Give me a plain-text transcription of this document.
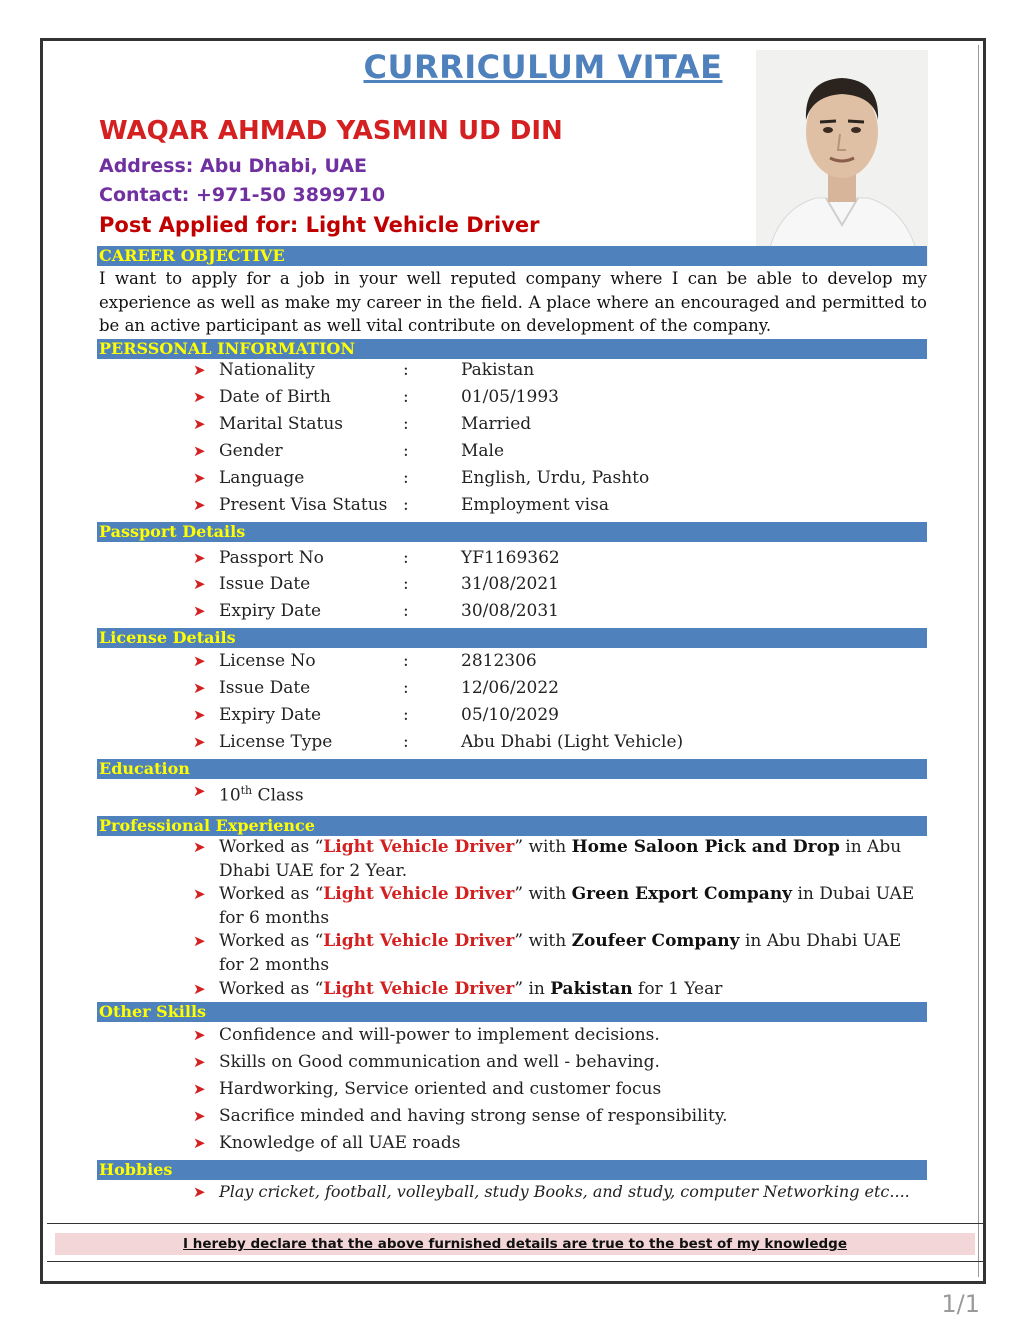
CURRICULUM VITAE
WAQAR AHMAD YASMIN UD DIN
Address: Abu Dhabi, UAE
Contact: +971-50 3899710
Post Applied for: Light Vehicle Driver
CAREER OBJECTIVE
I want to apply for a job in your well reputed company where I can be able to develop my experience as well as make my career in the field. A place where an encouraged and permitted to be an active participant as well vital contribute on development of the company.
PERSSONAL INFORMATION
➤ Nationality	:	Pakistan
➤ Date of Birth	:	01/05/1993
➤ Marital Status	:	Married
➤ Gender	:	Male
➤ Language	:	English, Urdu, Pashto
➤ Present Visa Status :	Employment visa
Passport Details
➤ Passport No	:	YF1169362
➤ Issue Date	:	31/08/2021
➤ Expiry Date	:	30/08/2031
License Details
➤ License No	:	2812306
➤ Issue Date	:	12/06/2022
➤ Expiry Date	:	05/10/2029
➤ License Type	:	Abu Dhabi (Light Vehicle)
Education
➤ 10th Class
Professional Experience
➤ Worked as “Light Vehicle Driver” with Home Saloon Pick and Drop in Abu Dhabi UAE for 2 Year.
➤ Worked as “Light Vehicle Driver” with Green Export Company in Dubai UAE for 6 months
➤ Worked as “Light Vehicle Driver” with Zoufeer Company in Abu Dhabi UAE for 2 months
➤ Worked as “Light Vehicle Driver” in Pakistan for 1 Year
Other Skills
➤ Confidence and will-power to implement decisions.
➤ Skills on Good communication and well - behaving.
➤ Hardworking, Service oriented and customer focus
➤ Sacrifice minded and having strong sense of responsibility.
➤ Knowledge of all UAE roads
Hobbies
➤ Play cricket, football, volleyball, study Books, and study, computer Networking etc....
I hereby declare that the above furnished details are true to the best of my knowledge
1/1
